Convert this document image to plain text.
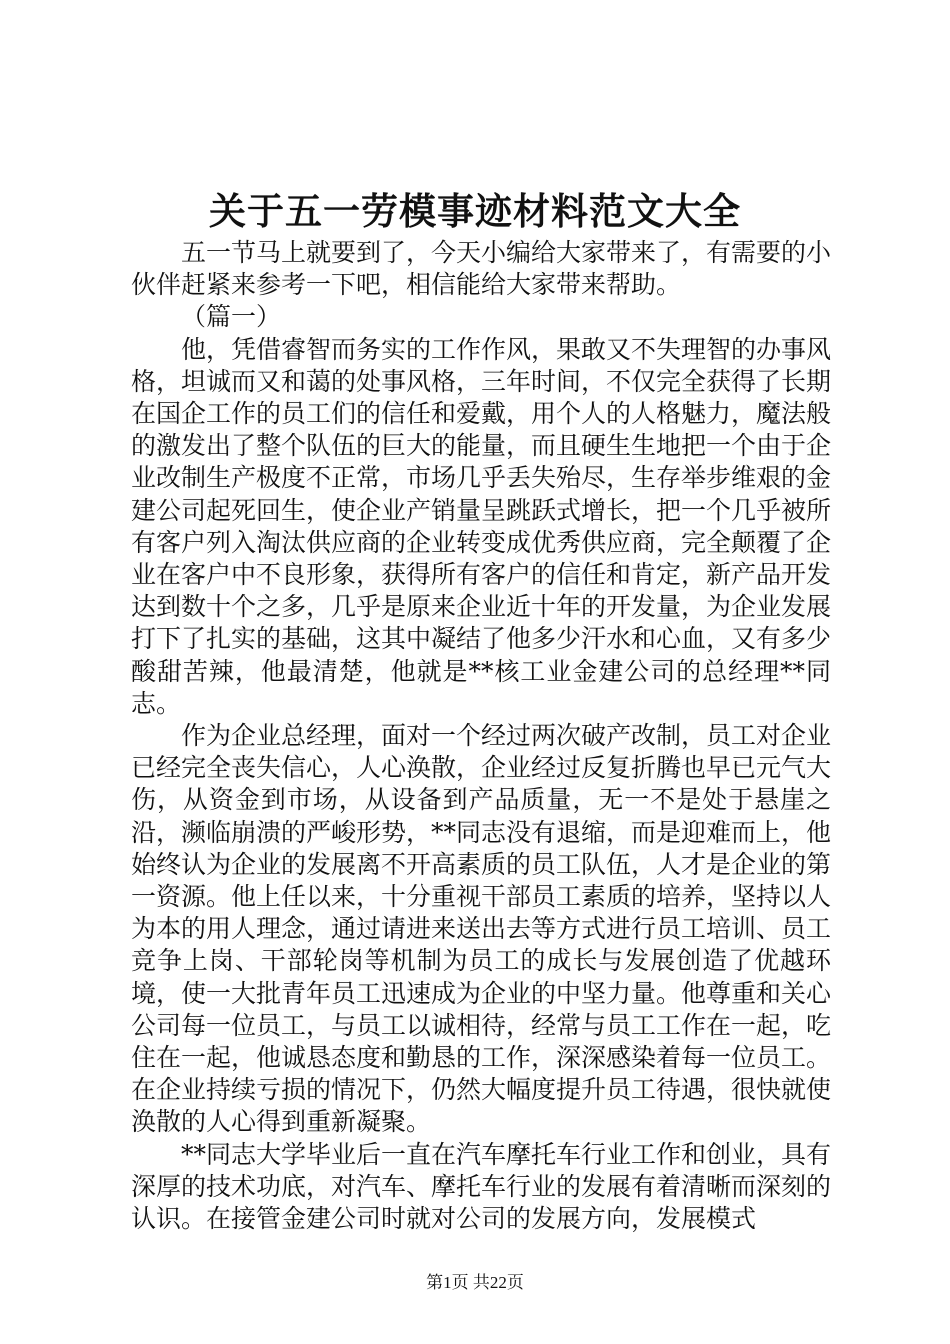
关于五一劳模事迹材料范文大全

五一节马上就要到了，今天小编给大家带来了，有需要的小伙伴赶紧来参考一下吧，相信能给大家带来帮助。

（篇一）

他，凭借睿智而务实的工作作风，果敢又不失理智的办事风格，坦诚而又和蔼的处事风格，三年时间，不仅完全获得了长期在国企工作的员工们的信任和爱戴，用个人的人格魅力，魔法般的激发出了整个队伍的巨大的能量，而且硬生生地把一个由于企业改制生产极度不正常，市场几乎丢失殆尽，生存举步维艰的金建公司起死回生，使企业产销量呈跳跃式增长，把一个几乎被所有客户列入淘汰供应商的企业转变成优秀供应商，完全颠覆了企业在客户中不良形象，获得所有客户的信任和肯定，新产品开发达到数十个之多，几乎是原来企业近十年的开发量，为企业发展打下了扎实的基础，这其中凝结了他多少汗水和心血，又有多少酸甜苦辣，他最清楚，他就是**核工业金建公司的总经理**同志。

作为企业总经理，面对一个经过两次破产改制，员工对企业已经完全丧失信心，人心涣散，企业经过反复折腾也早已元气大伤，从资金到市场，从设备到产品质量，无一不是处于悬崖之沿，濒临崩溃的严峻形势，**同志没有退缩，而是迎难而上，他始终认为企业的发展离不开高素质的员工队伍，人才是企业的第一资源。他上任以来，十分重视干部员工素质的培养，坚持以人为本的用人理念，通过请进来送出去等方式进行员工培训、员工竞争上岗、干部轮岗等机制为员工的成长与发展创造了优越环境，使一大批青年员工迅速成为企业的中坚力量。他尊重和关心公司每一位员工，与员工以诚相待，经常与员工工作在一起，吃住在一起，他诚恳态度和勤恳的工作，深深感染着每一位员工。在企业持续亏损的情况下，仍然大幅度提升员工待遇，很快就使涣散的人心得到重新凝聚。

**同志大学毕业后一直在汽车摩托车行业工作和创业，具有深厚的技术功底，对汽车、摩托车行业的发展有着清晰而深刻的认识。在接管金建公司时就对公司的发展方向，发展模式

第1页 共22页
